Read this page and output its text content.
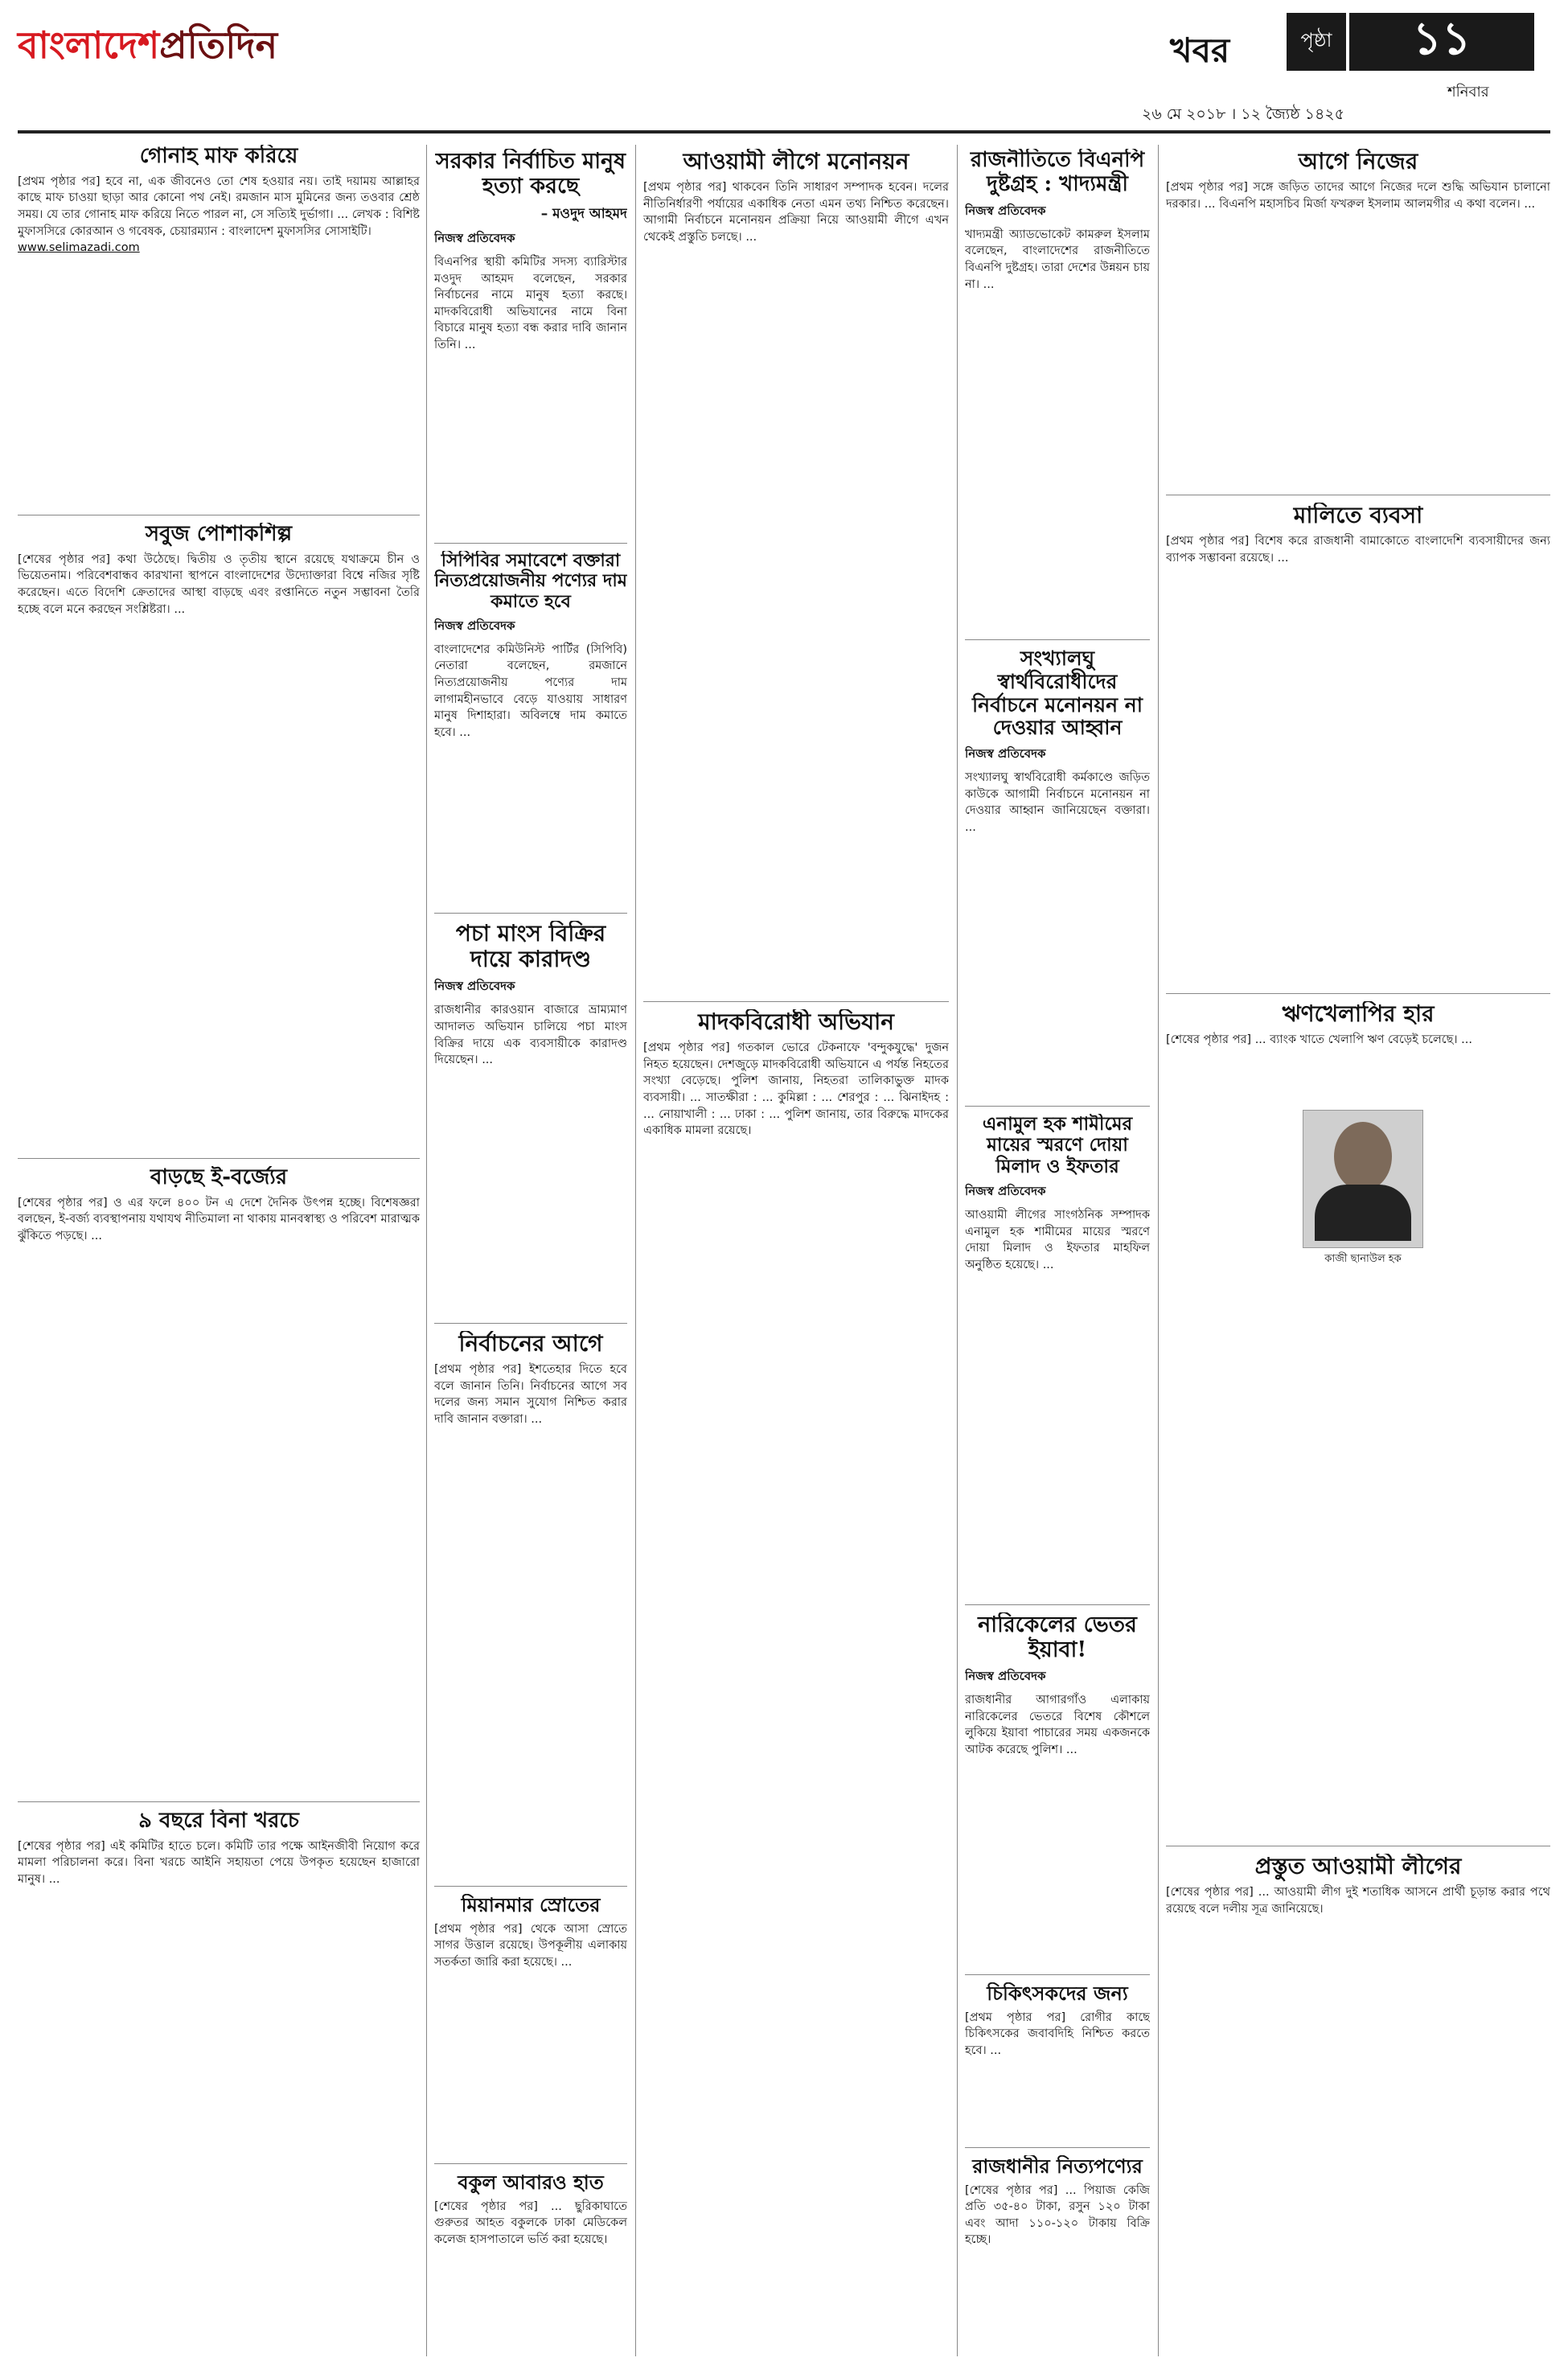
বাংলাদেশপ্রতিদিন	খবর	পৃষ্ঠা	১১
শনিবার
২৬ মে ২০১৮ । ১২ জ্যৈষ্ঠ ১৪২৫
গোনাহ মাফ করিয়ে
[প্রথম পৃষ্ঠার পর] হবে না, এক জীবনেও তো শেষ হওয়ার নয়। তাই দয়াময় আল্লাহর কাছে মাফ চাওয়া ছাড়া আর কোনো পথ নেই। রমজান মাস মুমিনের জন্য তওবার শ্রেষ্ঠ সময়। যে তার গোনাহ মাফ করিয়ে নিতে পারল না, সে সত্যিই দুর্ভাগা। ... লেখক : বিশিষ্ট মুফাসসিরে কোরআন ও গবেষক, চেয়ারম্যান : বাংলাদেশ মুফাসসির সোসাইটি।
www.selimazadi.com
সবুজ পোশাকশিল্প
[শেষের পৃষ্ঠার পর] কথা উঠেছে। দ্বিতীয় ও তৃতীয় স্থানে রয়েছে যথাক্রমে চীন ও ভিয়েতনাম। পরিবেশবান্ধব কারখানা স্থাপনে বাংলাদেশের উদ্যোক্তারা বিশ্বে নজির সৃষ্টি করেছেন। এতে বিদেশি ক্রেতাদের আস্থা বাড়ছে এবং রপ্তানিতে নতুন সম্ভাবনা তৈরি হচ্ছে বলে মনে করছেন সংশ্লিষ্টরা। ...
বাড়ছে ই-বর্জ্যের
[শেষের পৃষ্ঠার পর] ও এর ফলে ৪০০ টন এ দেশে দৈনিক উৎপন্ন হচ্ছে। বিশেষজ্ঞরা বলছেন, ই-বর্জ্য ব্যবস্থাপনায় যথাযথ নীতিমালা না থাকায় মানবস্বাস্থ্য ও পরিবেশ মারাত্মক ঝুঁকিতে পড়ছে। ...
৯ বছরে বিনা খরচে
[শেষের পৃষ্ঠার পর] এই কমিটির হাতে চলে। কমিটি তার পক্ষে আইনজীবী নিয়োগ করে মামলা পরিচালনা করে। বিনা খরচে আইনি সহায়তা পেয়ে উপকৃত হয়েছেন হাজারো মানুষ। ...
সরকার নির্বাচিত মানুষ হত্যা করছে
– মওদুদ আহমদ
নিজস্ব প্রতিবেদক
বিএনপির স্থায়ী কমিটির সদস্য ব্যারিস্টার মওদুদ আহমদ বলেছেন, সরকার নির্বাচনের নামে মানুষ হত্যা করছে। মাদকবিরোধী অভিযানের নামে বিনা বিচারে মানুষ হত্যা বন্ধ করার দাবি জানান তিনি। ...
সিপিবির সমাবেশে বক্তারা নিত্যপ্রয়োজনীয় পণ্যের দাম কমাতে হবে
নিজস্ব প্রতিবেদক
বাংলাদেশের কমিউনিস্ট পার্টির (সিপিবি) নেতারা বলেছেন, রমজানে নিত্যপ্রয়োজনীয় পণ্যের দাম লাগামহীনভাবে বেড়ে যাওয়ায় সাধারণ মানুষ দিশাহারা। অবিলম্বে দাম কমাতে হবে। ...
পচা মাংস বিক্রির দায়ে কারাদণ্ড
নিজস্ব প্রতিবেদক
রাজধানীর কারওয়ান বাজারে ভ্রাম্যমাণ আদালত অভিযান চালিয়ে পচা মাংস বিক্রির দায়ে এক ব্যবসায়ীকে কারাদণ্ড দিয়েছেন। ...
নির্বাচনের আগে
[প্রথম পৃষ্ঠার পর] ইশতেহার দিতে হবে বলে জানান তিনি। নির্বাচনের আগে সব দলের জন্য সমান সুযোগ নিশ্চিত করার দাবি জানান বক্তারা। ...
মিয়ানমার স্রোতের
[প্রথম পৃষ্ঠার পর] থেকে আসা স্রোতে সাগর উত্তাল রয়েছে। উপকূলীয় এলাকায় সতর্কতা জারি করা হয়েছে। ...
বকুল আবারও হাত
[শেষের পৃষ্ঠার পর] ... ছুরিকাঘাতে গুরুতর আহত বকুলকে ঢাকা মেডিকেল কলেজ হাসপাতালে ভর্তি করা হয়েছে।
আওয়ামী লীগে মনোনয়ন
[প্রথম পৃষ্ঠার পর] থাকবেন তিনি সাধারণ সম্পাদক হবেন। দলের নীতিনির্ধারণী পর্যায়ের একাধিক নেতা এমন তথ্য নিশ্চিত করেছেন। আগামী নির্বাচনে মনোনয়ন প্রক্রিয়া নিয়ে আওয়ামী লীগে এখন থেকেই প্রস্তুতি চলছে। ...
মাদকবিরোধী অভিযান
[প্রথম পৃষ্ঠার পর] গতকাল ভোরে টেকনাফে 'বন্দুকযুদ্ধে' দুজন নিহত হয়েছেন। দেশজুড়ে মাদকবিরোধী অভিযানে এ পর্যন্ত নিহতের সংখ্যা বেড়েছে। পুলিশ জানায়, নিহতরা তালিকাভুক্ত মাদক ব্যবসায়ী। ... সাতক্ষীরা : ... কুমিল্লা : ... শেরপুর : ... ঝিনাইদহ : ... নোয়াখালী : ... ঢাকা : ... পুলিশ জানায়, তার বিরুদ্ধে মাদকের একাধিক মামলা রয়েছে।
রাজনীতিতে বিএনপি দুষ্টগ্রহ : খাদ্যমন্ত্রী
নিজস্ব প্রতিবেদক
খাদ্যমন্ত্রী অ্যাডভোকেট কামরুল ইসলাম বলেছেন, বাংলাদেশের রাজনীতিতে বিএনপি দুষ্টগ্রহ। তারা দেশের উন্নয়ন চায় না। ...
সংখ্যালঘু স্বার্থবিরোধীদের নির্বাচনে মনোনয়ন না দেওয়ার আহ্বান
নিজস্ব প্রতিবেদক
সংখ্যালঘু স্বার্থবিরোধী কর্মকাণ্ডে জড়িত কাউকে আগামী নির্বাচনে মনোনয়ন না দেওয়ার আহ্বান জানিয়েছেন বক্তারা। ...
এনামুল হক শামীমের মায়ের স্মরণে দোয়া মিলাদ ও ইফতার
নিজস্ব প্রতিবেদক
আওয়ামী লীগের সাংগঠনিক সম্পাদক এনামুল হক শামীমের মায়ের স্মরণে দোয়া মিলাদ ও ইফতার মাহফিল অনুষ্ঠিত হয়েছে। ...
নারিকেলের ভেতর ইয়াবা!
নিজস্ব প্রতিবেদক
রাজধানীর আগারগাঁও এলাকায় নারিকেলের ভেতরে বিশেষ কৌশলে লুকিয়ে ইয়াবা পাচারের সময় একজনকে আটক করেছে পুলিশ। ...
চিকিৎসকদের জন্য
[প্রথম পৃষ্ঠার পর] রোগীর কাছে চিকিৎসকের জবাবদিহি নিশ্চিত করতে হবে। ...
রাজধানীর নিত্যপণ্যের
[শেষের পৃষ্ঠার পর] ... পিয়াজ কেজি প্রতি ৩৫-৪০ টাকা, রসুন ১২০ টাকা এবং আদা ১১০-১২০ টাকায় বিক্রি হচ্ছে।
আগে নিজের
[প্রথম পৃষ্ঠার পর] সঙ্গে জড়িত তাদের আগে নিজের দলে শুদ্ধি অভিযান চালানো দরকার। ... বিএনপি মহাসচিব মির্জা ফখরুল ইসলাম আলমগীর এ কথা বলেন। ...
মালিতে ব্যবসা
[প্রথম পৃষ্ঠার পর] বিশেষ করে রাজধানী বামাকোতে বাংলাদেশি ব্যবসায়ীদের জন্য ব্যাপক সম্ভাবনা রয়েছে। ...
ঋণখেলাপির হার
[শেষের পৃষ্ঠার পর] ... ব্যাংক খাতে খেলাপি ঋণ বেড়েই চলেছে। ...
কাজী ছানাউল হক
প্রস্তুত আওয়ামী লীগের
[শেষের পৃষ্ঠার পর] ... আওয়ামী লীগ দুই শতাধিক আসনে প্রার্থী চূড়ান্ত করার পথে রয়েছে বলে দলীয় সূত্র জানিয়েছে।
